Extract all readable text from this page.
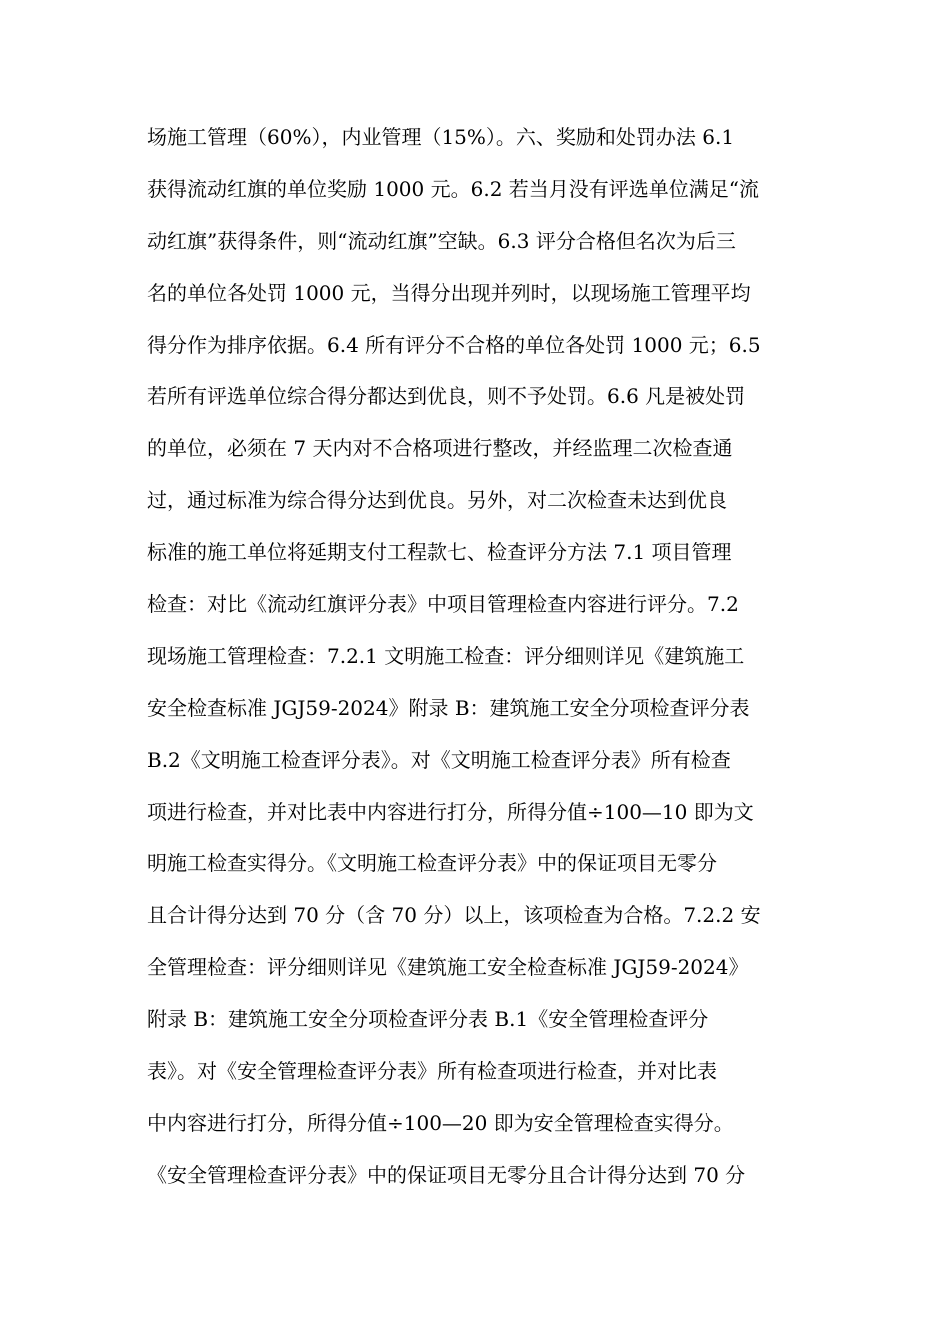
场施工管理（60%），内业管理（15%）。六、奖励和处罚办法 6.1
获得流动红旗的单位奖励 1000 元。6.2 若当月没有评选单位满足“流
动红旗”获得条件，则“流动红旗”空缺。6.3 评分合格但名次为后三
名的单位各处罚 1000 元，当得分出现并列时，以现场施工管理平均
得分作为排序依据。6.4 所有评分不合格的单位各处罚 1000 元；6.5
若所有评选单位综合得分都达到优良，则不予处罚。6.6 凡是被处罚
的单位，必须在 7 天内对不合格项进行整改，并经监理二次检查通
过，通过标准为综合得分达到优良。另外，对二次检查未达到优良
标准的施工单位将延期支付工程款七、检查评分方法 7.1 项目管理
检查：对比《流动红旗评分表》中项目管理检查内容进行评分。7.2
现场施工管理检查：7.2.1 文明施工检查：评分细则详见《建筑施工
安全检查标准 JGJ59-2024》附录 B：建筑施工安全分项检查评分表
B.2《文明施工检查评分表》。对《文明施工检查评分表》所有检查
项进行检查，并对比表中内容进行打分，所得分值÷100—10 即为文
明施工检查实得分。《文明施工检查评分表》中的保证项目无零分
且合计得分达到 70 分（含 70 分）以上，该项检查为合格。7.2.2 安
全管理检查：评分细则详见《建筑施工安全检查标准 JGJ59-2024》
附录 B：建筑施工安全分项检查评分表 B.1《安全管理检查评分
表》。对《安全管理检查评分表》所有检查项进行检查，并对比表
中内容进行打分，所得分值÷100—20 即为安全管理检查实得分。
《安全管理检查评分表》中的保证项目无零分且合计得分达到 70 分
